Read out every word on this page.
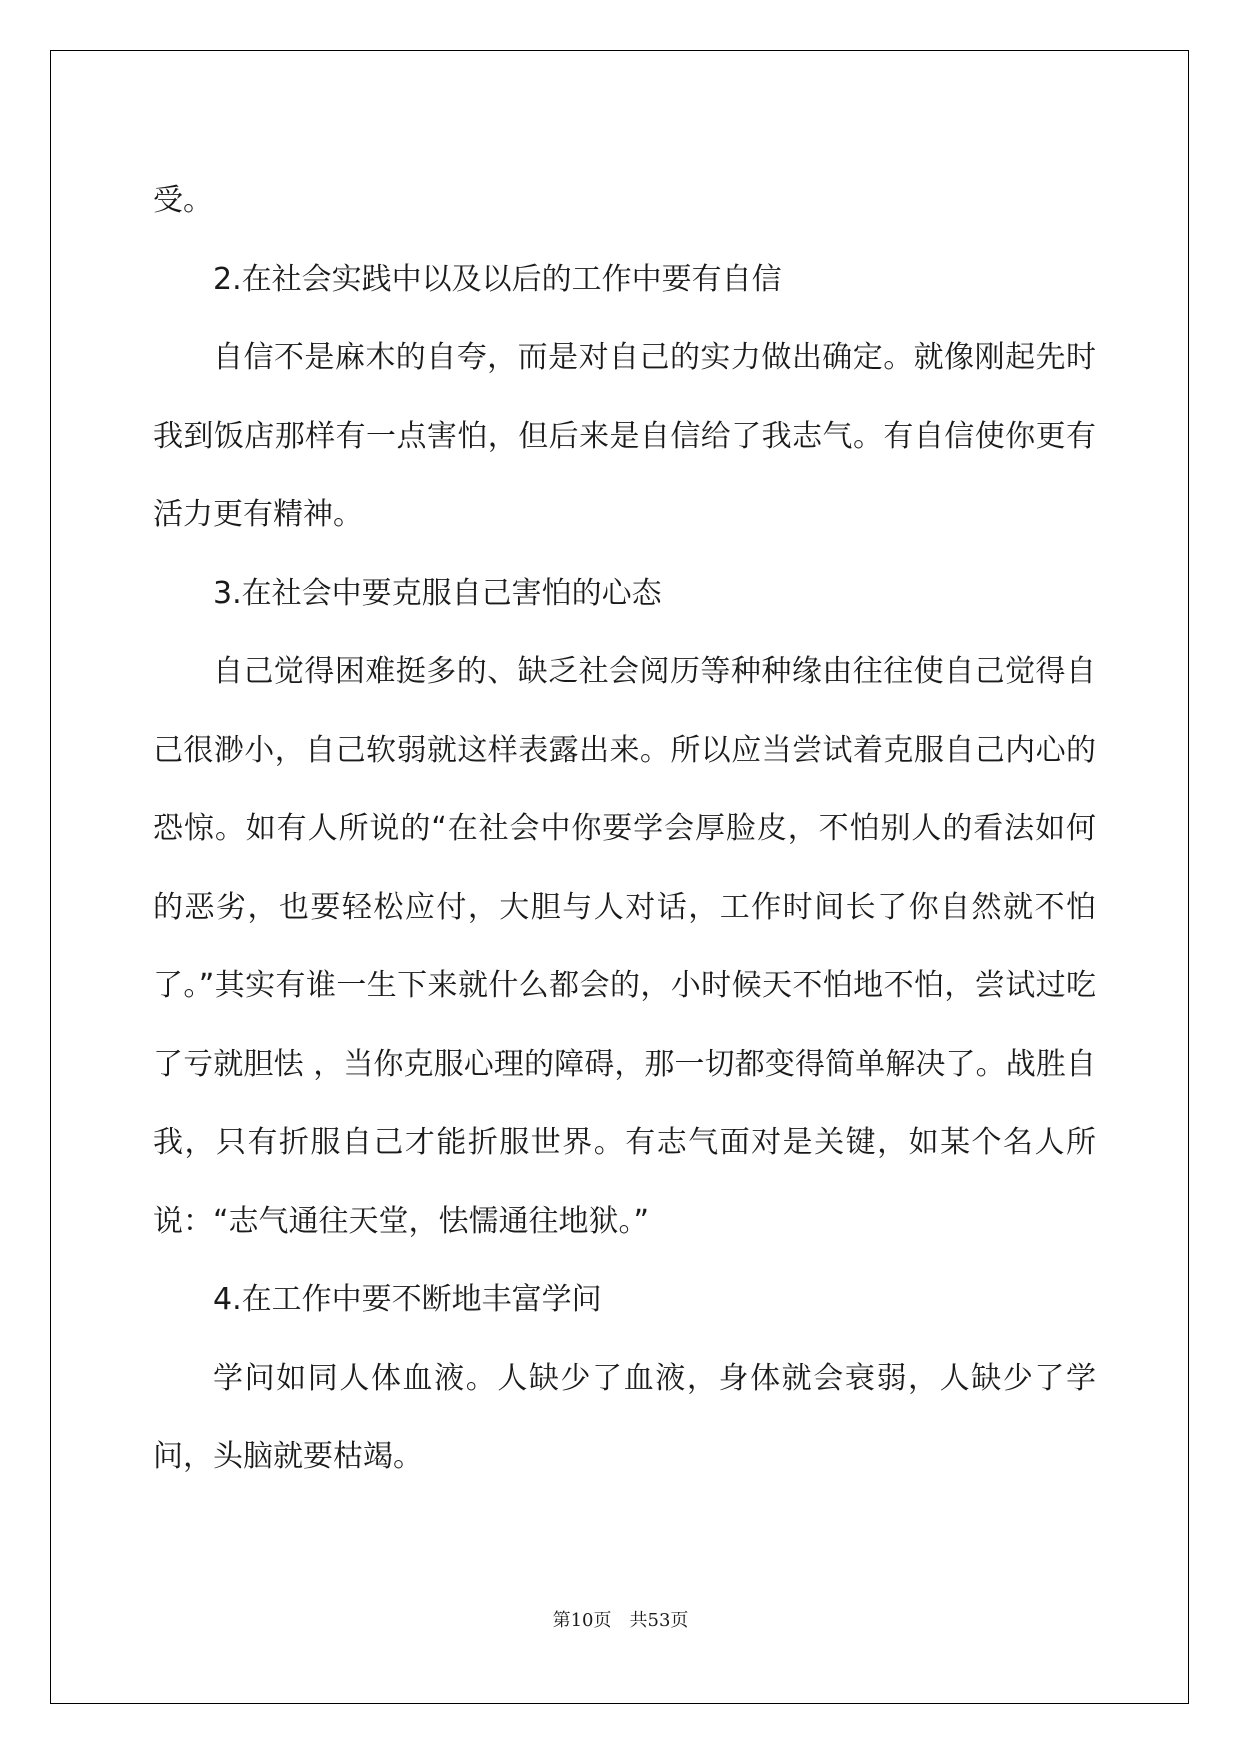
受。

2.在社会实践中以及以后的工作中要有自信

自信不是麻木的自夸，而是对自己的实力做出确定。就像刚起先时我到饭店那样有一点害怕，但后来是自信给了我志气。有自信使你更有活力更有精神。

3.在社会中要克服自己害怕的心态

自己觉得困难挺多的、缺乏社会阅历等种种缘由往往使自己觉得自己很渺小，自己软弱就这样表露出来。所以应当尝试着克服自己内心的恐惊。如有人所说的“在社会中你要学会厚脸皮，不怕别人的看法如何的恶劣，也要轻松应付，大胆与人对话，工作时间长了你自然就不怕了。”其实有谁一生下来就什么都会的，小时候天不怕地不怕，尝试过吃了亏就胆怯 ，当你克服心理的障碍，那一切都变得简单解决了。战胜自我，只有折服自己才能折服世界。有志气面对是关键，如某个名人所说：“志气通往天堂，怯懦通往地狱。”

4.在工作中要不断地丰富学问

学问如同人体血液。人缺少了血液，身体就会衰弱，人缺少了学问，头脑就要枯竭。

第10页　共53页
